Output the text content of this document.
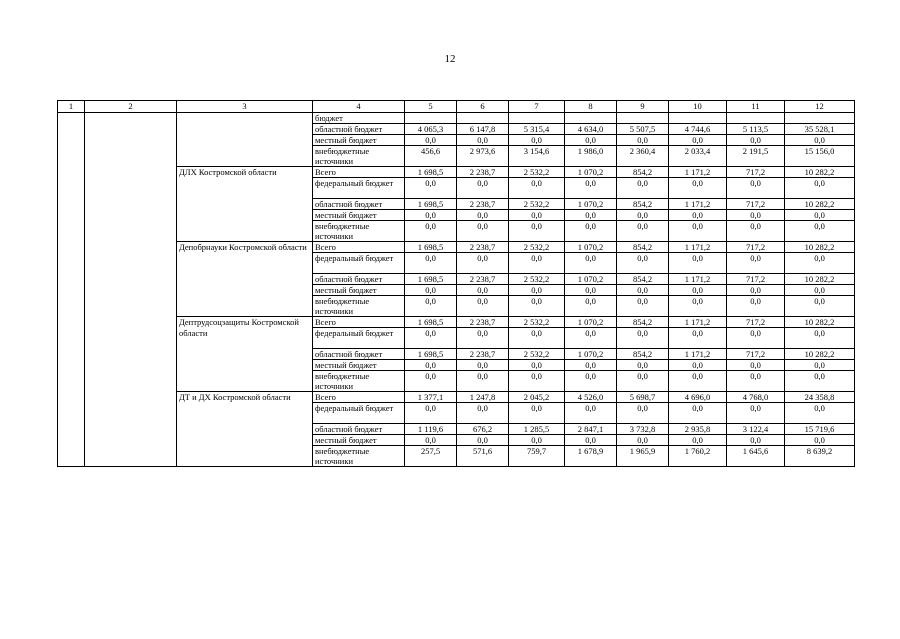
12
1	2	3	4	5	6	7	8	9	10	11	12
			бюджет								
			областной бюджет	4 065,3	6 147,8	5 315,4	4 634,0	5 507,5	4 744,6	5 113,5	35 528,1
			местный бюджет	0,0	0,0	0,0	0,0	0,0	0,0	0,0	0,0
			внебюджетные источники	456,6	2 973,6	3 154,6	1 986,0	2 360,4	2 033,4	2 191,5	15 156,0
		ДЛХ Костромской области	Всего	1 698,5	2 238,7	2 532,2	1 070,2	854,2	1 171,2	717,2	10 282,2
			федеральный бюджет	0,0	0,0	0,0	0,0	0,0	0,0	0,0	0,0
			областной бюджет	1 698,5	2 238,7	2 532,2	1 070,2	854,2	1 171,2	717,2	10 282,2
			местный бюджет	0,0	0,0	0,0	0,0	0,0	0,0	0,0	0,0
			внебюджетные источники	0,0	0,0	0,0	0,0	0,0	0,0	0,0	0,0
		Депобрнауки Костромской области	Всего	1 698,5	2 238,7	2 532,2	1 070,2	854,2	1 171,2	717,2	10 282,2
			федеральный бюджет	0,0	0,0	0,0	0,0	0,0	0,0	0,0	0,0
			областной бюджет	1 698,5	2 238,7	2 532,2	1 070,2	854,2	1 171,2	717,2	10 282,2
			местный бюджет	0,0	0,0	0,0	0,0	0,0	0,0	0,0	0,0
			внебюджетные источники	0,0	0,0	0,0	0,0	0,0	0,0	0,0	0,0
		Дептрудсоцзащиты Костромской области	Всего	1 698,5	2 238,7	2 532,2	1 070,2	854,2	1 171,2	717,2	10 282,2
			федеральный бюджет	0,0	0,0	0,0	0,0	0,0	0,0	0,0	0,0
			областной бюджет	1 698,5	2 238,7	2 532,2	1 070,2	854,2	1 171,2	717,2	10 282,2
			местный бюджет	0,0	0,0	0,0	0,0	0,0	0,0	0,0	0,0
			внебюджетные источники	0,0	0,0	0,0	0,0	0,0	0,0	0,0	0,0
		ДТ и ДХ Костромской области	Всего	1 377,1	1 247,8	2 045,2	4 526,0	5 698,7	4 696,0	4 768,0	24 358,8
			федеральный бюджет	0,0	0,0	0,0	0,0	0,0	0,0	0,0	0,0
			областной бюджет	1 119,6	676,2	1 285,5	2 847,1	3 732,8	2 935,8	3 122,4	15 719,6
			местный бюджет	0,0	0,0	0,0	0,0	0,0	0,0	0,0	0,0
			внебюджетные источники	257,5	571,6	759,7	1 678,9	1 965,9	1 760,2	1 645,6	8 639,2
